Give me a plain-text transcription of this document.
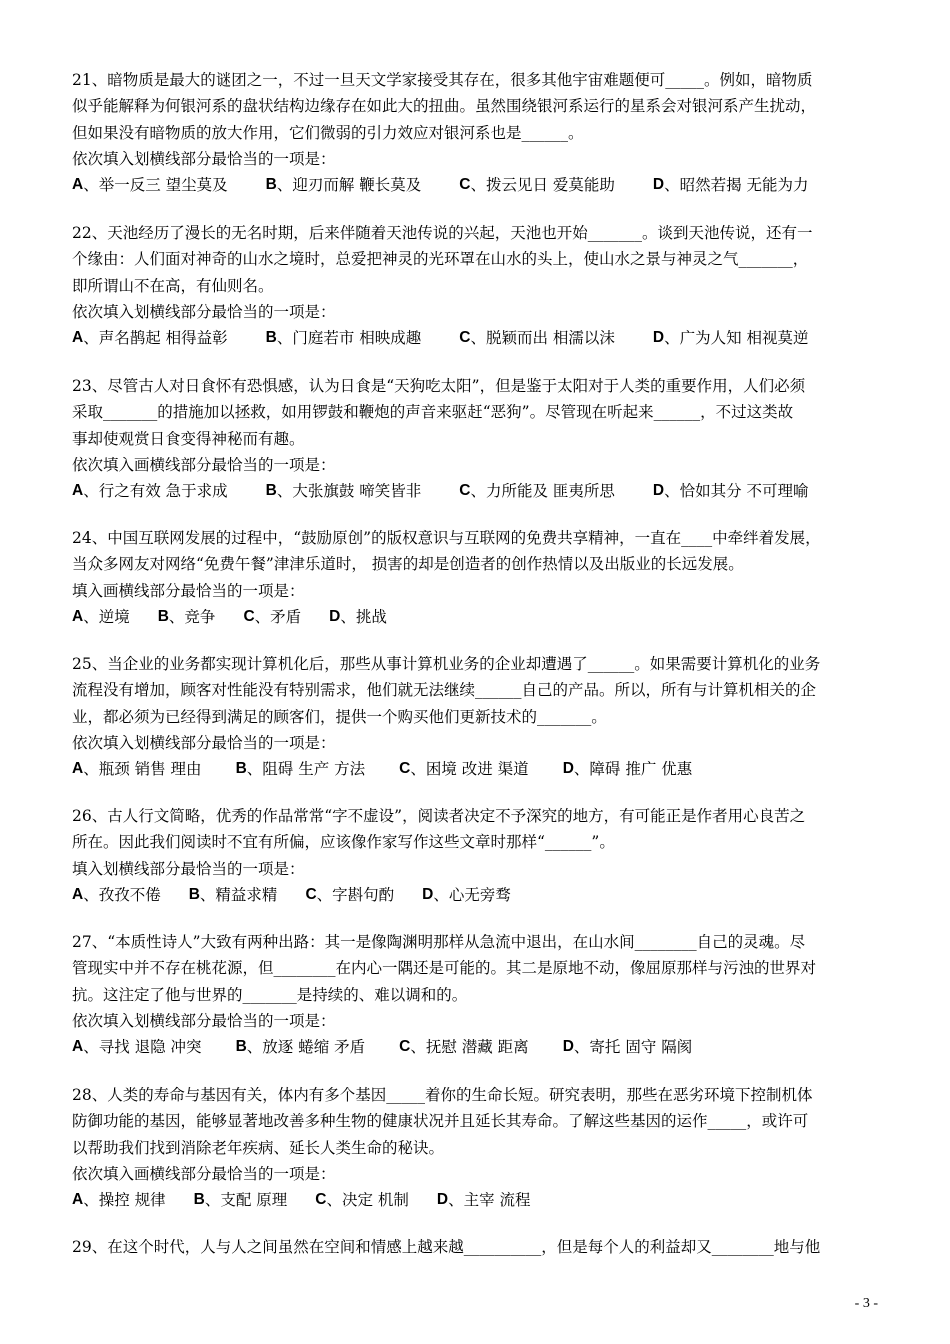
21、暗物质是最大的谜团之一，不过一旦天文学家接受其存在，很多其他宇宙难题便可_____。例如，暗物质
似乎能解释为何银河系的盘状结构边缘存在如此大的扭曲。虽然围绕银河系运行的星系会对银河系产生扰动，
但如果没有暗物质的放大作用，它们微弱的引力效应对银河系也是______。
依次填入划横线部分最恰当的一项是：
A 、举一反三 望尘莫及 B 、迎刃而解 鞭长莫及 C 、拨云见日 爱莫能助 D 、昭然若揭 无能为力
22、天池经历了漫长的无名时期，后来伴随着天池传说的兴起，天池也开始_______。谈到天池传说，还有一
个缘由：人们面对神奇的山水之境时，总爱把神灵的光环罩在山水的头上，使山水之景与神灵之气_______，
即所谓山不在高，有仙则名。
依次填入划横线部分最恰当的一项是：
A 、声名鹊起 相得益彰 B 、门庭若市 相映成趣 C 、脱颖而出 相濡以沫 D 、广为人知 相视莫逆
23、尽管古人对日食怀有恐惧感，认为日食是“天狗吃太阳”，但是鉴于太阳对于人类的重要作用，人们必须
采取_______的措施加以拯救，如用锣鼓和鞭炮的声音来驱赶“恶狗”。尽管现在听起来______，不过这类故
事却使观赏日食变得神秘而有趣。
依次填入画横线部分最恰当的一项是：
A 、行之有效 急于求成 B 、大张旗鼓 啼笑皆非 C 、力所能及 匪夷所思 D 、恰如其分 不可理喻
24、中国互联网发展的过程中，“鼓励原创”的版权意识与互联网的免费共享精神，一直在____中牵绊着发展，
当众多网友对网络“免费午餐”津津乐道时， 损害的却是创造者的创作热情以及出版业的长远发展。
填入画横线部分最恰当的一项是：
A 、逆境 B 、竞争 C 、矛盾 D 、挑战
25、当企业的业务都实现计算机化后，那些从事计算机业务的企业却遭遇了______。如果需要计算机化的业务
流程没有增加，顾客对性能没有特别需求，他们就无法继续______自己的产品。所以，所有与计算机相关的企
业，都必须为已经得到满足的顾客们，提供一个购买他们更新技术的_______。
依次填入划横线部分最恰当的一项是：
A 、瓶颈 销售 理由 B 、阻碍 生产 方法 C 、困境 改进 渠道 D 、障碍 推广 优惠
26、古人行文简略，优秀的作品常常“字不虚设”，阅读者决定不予深究的地方，有可能正是作者用心良苦之
所在。因此我们阅读时不宜有所偏，应该像作家写作这些文章时那样“______”。
填入划横线部分最恰当的一项是：
A 、孜孜不倦 B 、精益求精 C 、字斟句酌 D 、心无旁骛
27、“本质性诗人”大致有两种出路：其一是像陶渊明那样从急流中退出，在山水间________自己的灵魂。尽
管现实中并不存在桃花源，但________在内心一隅还是可能的。其二是原地不动，像屈原那样与污浊的世界对
抗。这注定了他与世界的_______是持续的、难以调和的。
依次填入划横线部分最恰当的一项是：
A 、寻找 退隐 冲突 B 、放逐 蜷缩 矛盾 C 、抚慰 潜藏 距离 D 、寄托 固守 隔阂
28、人类的寿命与基因有关，体内有多个基因_____着你的生命长短。研究表明，那些在恶劣环境下控制机体
防御功能的基因，能够显著地改善多种生物的健康状况并且延长其寿命。了解这些基因的运作_____，或许可
以帮助我们找到消除老年疾病、延长人类生命的秘诀。
依次填入画横线部分最恰当的一项是：
A 、操控 规律 B 、支配 原理 C 、决定 机制 D 、主宰 流程
29、在这个时代，人与人之间虽然在空间和情感上越来越__________，但是每个人的利益却又________地与他
- 3 -
